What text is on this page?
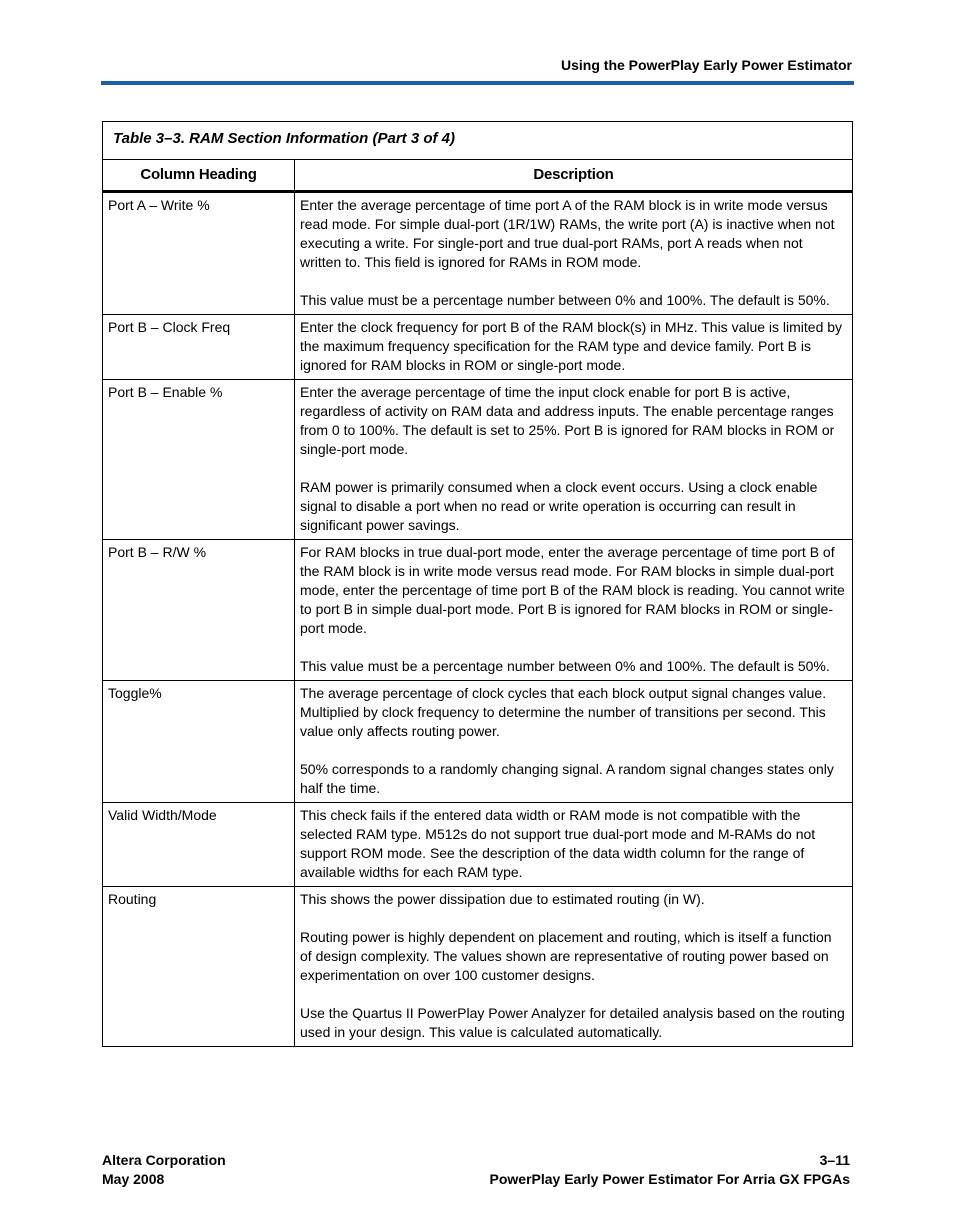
Using the PowerPlay Early Power Estimator
Table 3–3. RAM Section Information (Part 3 of 4)	
Column Heading	Description
Port A – Write %	Enter the average percentage of time port A of the RAM block is in write mode versus read mode. For simple dual-port (1R/1W) RAMs, the write port (A) is inactive when not executing a write. For single-port and true dual-port RAMs, port A reads when not written to. This field is ignored for RAMs in ROM mode.

This value must be a percentage number between 0% and 100%. The default is 50%.

Port B – Clock Freq	Enter the clock frequency for port B of the RAM block(s) in MHz. This value is limited by the maximum frequency specification for the RAM type and device family. Port B is ignored for RAM blocks in ROM or single-port mode.

Port B – Enable %	Enter the average percentage of time the input clock enable for port B is active, regardless of activity on RAM data and address inputs. The enable percentage ranges from 0 to 100%. The default is set to 25%. Port B is ignored for RAM blocks in ROM or single-port mode.

RAM power is primarily consumed when a clock event occurs. Using a clock enable signal to disable a port when no read or write operation is occurring can result in significant power savings.

Port B – R/W %	For RAM blocks in true dual-port mode, enter the average percentage of time port B of the RAM block is in write mode versus read mode. For RAM blocks in simple dual-port mode, enter the percentage of time port B of the RAM block is reading. You cannot write to port B in simple dual-port mode. Port B is ignored for RAM blocks in ROM or single-port mode.

This value must be a percentage number between 0% and 100%. The default is 50%.

Toggle%	The average percentage of clock cycles that each block output signal changes value. Multiplied by clock frequency to determine the number of transitions per second. This value only affects routing power.

50% corresponds to a randomly changing signal. A random signal changes states only half the time.

Valid Width/Mode	This check fails if the entered data width or RAM mode is not compatible with the selected RAM type. M512s do not support true dual-port mode and M-RAMs do not support ROM mode. See the description of the data width column for the range of available widths for each RAM type.

Routing	This shows the power dissipation due to estimated routing (in W).

Routing power is highly dependent on placement and routing, which is itself a function of design complexity. The values shown are representative of routing power based on experimentation on over 100 customer designs.

Use the Quartus II PowerPlay Power Analyzer for detailed analysis based on the routing used in your design. This value is calculated automatically.

Altera Corporation
May 2008
3–11
PowerPlay Early Power Estimator For Arria GX FPGAs
